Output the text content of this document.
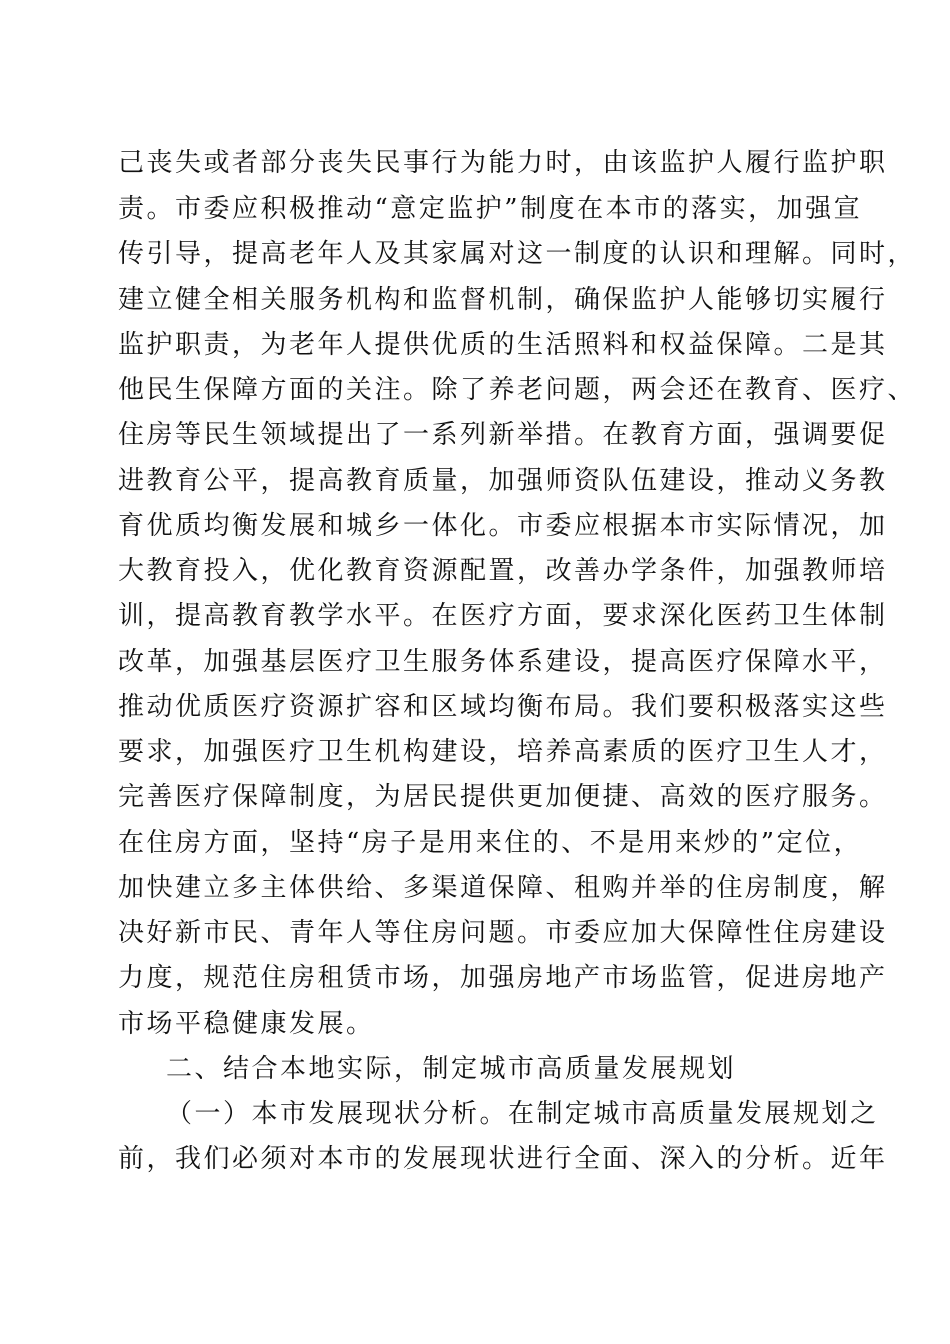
己丧失或者部分丧失民事行为能力时，由该监护人履行监护职
责。市委应积极推动“意定监护”制度在本市的落实，加强宣
传引导，提高老年人及其家属对这一制度的认识和理解。同时，
建立健全相关服务机构和监督机制，确保监护人能够切实履行
监护职责，为老年人提供优质的生活照料和权益保障。二是其
他民生保障方面的关注。除了养老问题，两会还在教育、医疗、
住房等民生领域提出了一系列新举措。在教育方面，强调要促
进教育公平，提高教育质量，加强师资队伍建设，推动义务教
育优质均衡发展和城乡一体化。市委应根据本市实际情况，加
大教育投入，优化教育资源配置，改善办学条件，加强教师培
训，提高教育教学水平。在医疗方面，要求深化医药卫生体制
改革，加强基层医疗卫生服务体系建设，提高医疗保障水平，
推动优质医疗资源扩容和区域均衡布局。我们要积极落实这些
要求，加强医疗卫生机构建设，培养高素质的医疗卫生人才，
完善医疗保障制度，为居民提供更加便捷、高效的医疗服务。
在住房方面，坚持“房子是用来住的、不是用来炒的”定位，
加快建立多主体供给、多渠道保障、租购并举的住房制度，解
决好新市民、青年人等住房问题。市委应加大保障性住房建设
力度，规范住房租赁市场，加强房地产市场监管，促进房地产
市场平稳健康发展。
二、结合本地实际，制定城市高质量发展规划
（一）本市发展现状分析。在制定城市高质量发展规划之
前，我们必须对本市的发展现状进行全面、深入的分析。近年
